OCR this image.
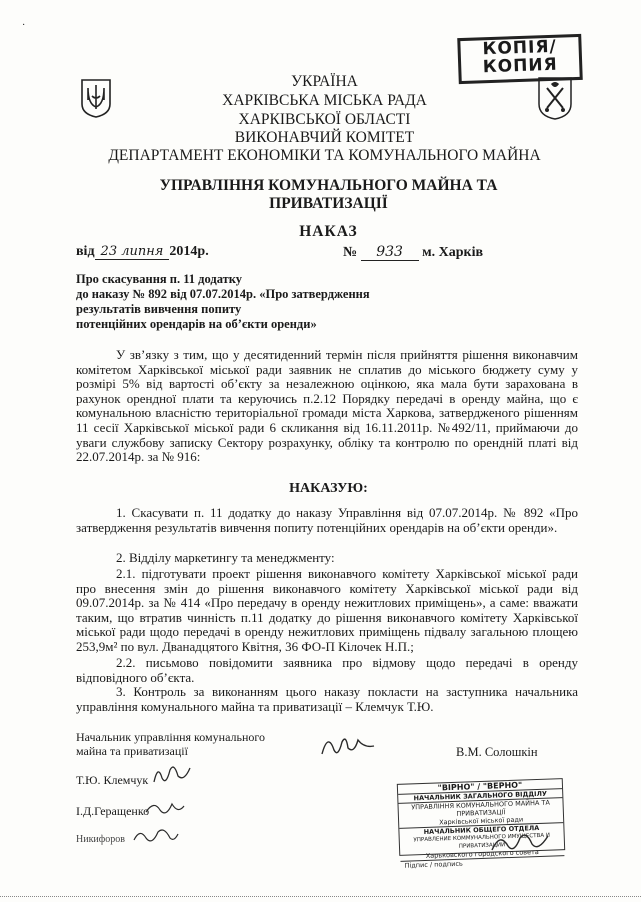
·
КОПІЯ/
КОПИЯ
УКРАЇНА
ХАРКІВСЬКА МІСЬКА РАДА
ХАРКІВСЬКОЇ ОБЛАСТІ
ВИКОНАВЧИЙ КОМІТЕТ
ДЕПАРТАМЕНТ ЕКОНОМІКИ ТА КОМУНАЛЬНОГО МАЙНА
УПРАВЛІННЯ КОМУНАЛЬНОГО МАЙНА ТА
ПРИВАТИЗАЦІЇ
НАКАЗ
від 23 липня 2014р.	№ 933 м. Харків
Про скасування п. 11 додатку
до наказу № 892 від 07.07.2014р. «Про затвердження
результатів вивчення попиту
потенційних орендарів на об’єкти оренди»
У зв’язку з тим, що у десятиденний термін після прийняття рішення виконавчим комітетом Харківської міської ради заявник не сплатив до міського бюджету суму у розмірі 5% від вартості об’єкту за незалежною оцінкою, яка мала бути зарахована в рахунок орендної плати та керуючись п.2.12 Порядку передачі в оренду майна, що є комунальною власністю територіальної громади міста Харкова, затвердженого рішенням 11 сесії Харківської міської ради 6 скликання від 16.11.2011р. №492/11, приймаючи до уваги службову записку Сектору розрахунку, обліку та контролю по орендній платі від 22.07.2014р. за № 916:
НАКАЗУЮ:
1. Скасувати п. 11 додатку до наказу Управління від 07.07.2014р. № 892 «Про затвердження результатів вивчення попиту потенційних орендарів на об’єкти оренди».
2. Відділу маркетингу та менеджменту:
2.1. підготувати проект рішення виконавчого комітету Харківської міської ради про внесення змін до рішення виконавчого комітету Харківської міської ради від 09.07.2014р. за № 414 «Про передачу в оренду нежитлових приміщень», а саме: вважати таким, що втратив чинність п.11 додатку до рішення виконавчого комітету Харківської міської ради щодо передачі в оренду нежитлових приміщень підвалу загальною площею 253,9м² по вул. Дванадцятого Квітня, 36 ФО-П Кілочек Н.П.;
2.2. письмово повідомити заявника про відмову щодо передачі в оренду відповідного об’єкта.
3. Контроль за виконанням цього наказу покласти на заступника начальника управління комунального майна та приватизації – Клемчук Т.Ю.
Начальник управління комунального
майна та приватизації	В.М. Солошкін
Т.Ю. Клемчук
І.Д.Геращенко
Никифоров
"ВІРНО" / "ВЕРНО"
НАЧАЛЬНИК ЗАГАЛЬНОГО ВІДДІЛУ
УПРАВЛІННЯ КОМУНАЛЬНОГО МАЙНА ТА ПРИВАТИЗАЦІЇ
Харківської міської ради
НАЧАЛЬНИК ОБЩЕГО ОТДЕЛА
УПРАВЛЕНИЕ КОММУНАЛЬНОГО ИМУЩЕСТВА И ПРИВАТИЗАЦИИ
Харьковского городского совета
Підпис / подпись
